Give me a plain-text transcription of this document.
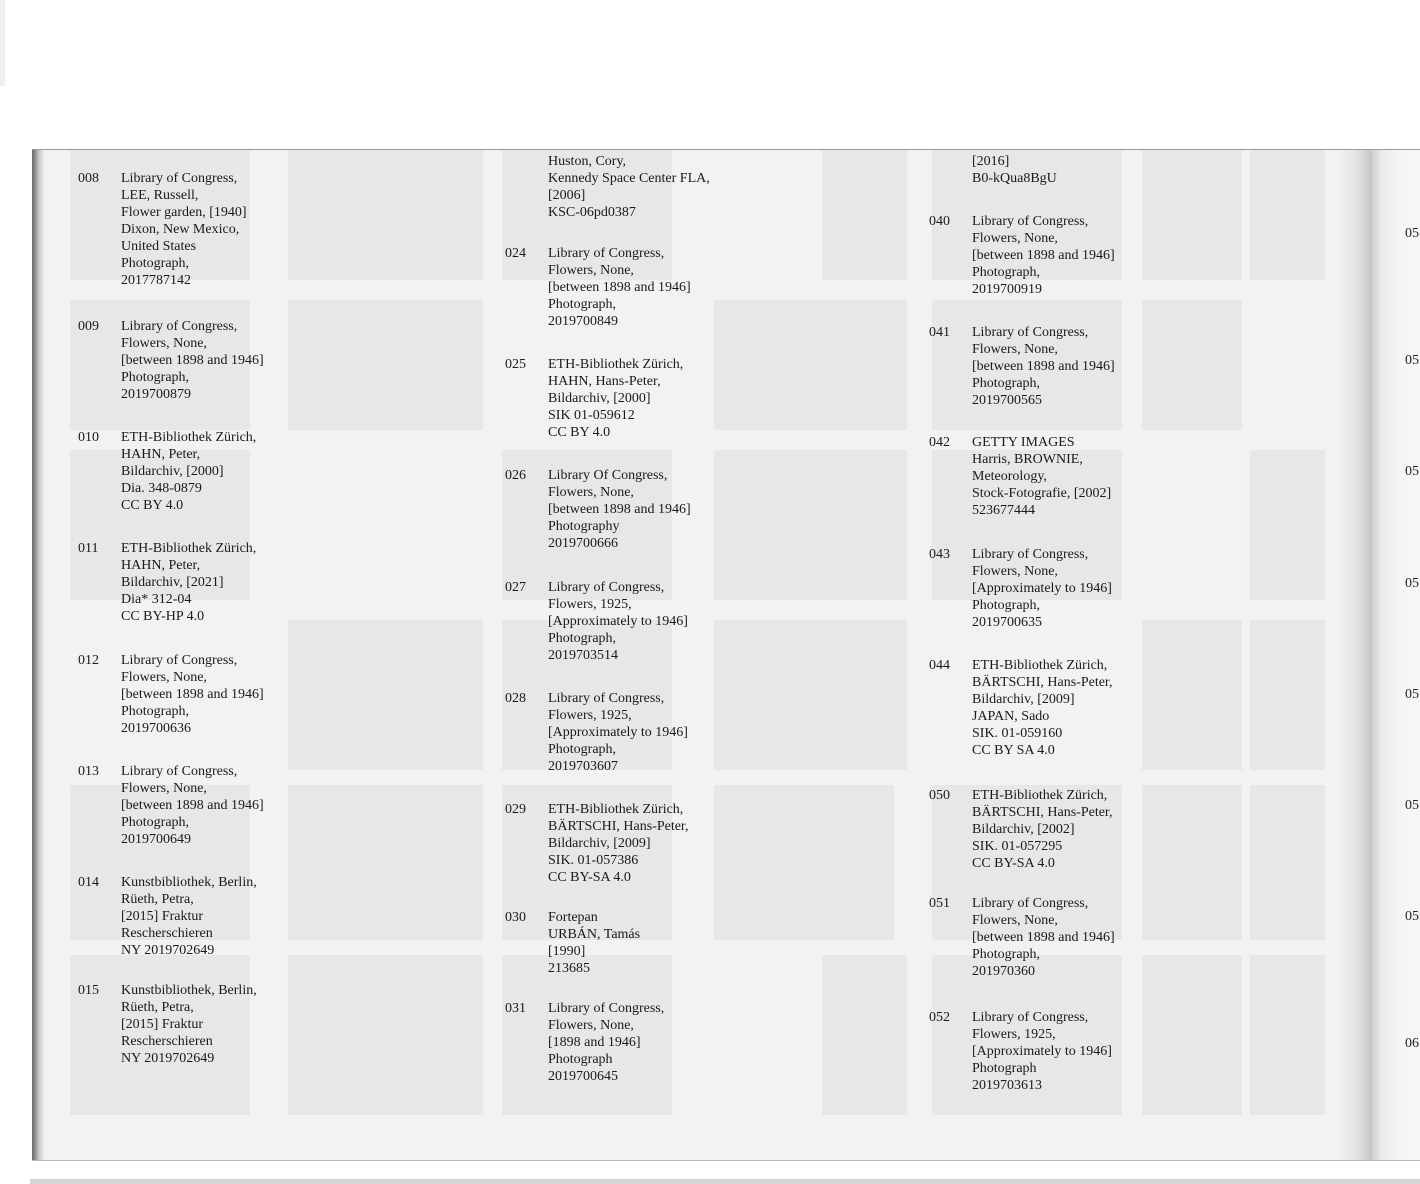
008 Library of Congress,
LEE, Russell,
Flower garden, [1940]
Dixon, New Mexico,
United States
Photograph,
2017787142
009 Library of Congress,
Flowers, None,
[between 1898 and 1946]
Photograph,
2019700879
010 ETH-Bibliothek Zürich,
HAHN, Peter,
Bildarchiv, [2000]
Dia. 348-0879
CC BY 4.0
011 ETH-Bibliothek Zürich,
HAHN, Peter,
Bildarchiv, [2021]
Dia* 312-04
CC BY-HP 4.0
012 Library of Congress,
Flowers, None,
[between 1898 and 1946]
Photograph,
2019700636
013 Library of Congress,
Flowers, None,
[between 1898 and 1946]
Photograph,
2019700649
014 Kunstbibliothek, Berlin,
Rüeth, Petra,
[2015] Fraktur
Rescherschieren
NY 2019702649
015 Kunstbibliothek, Berlin,
Rüeth, Petra,
[2015] Fraktur
Rescherschieren
NY 2019702649
Huston, Cory,
Kennedy Space Center FLA,
[2006]
KSC-06pd0387
024 Library of Congress,
Flowers, None,
[between 1898 and 1946]
Photograph,
2019700849
025 ETH-Bibliothek Zürich,
HAHN, Hans-Peter,
Bildarchiv, [2000]
SIK 01-059612
CC BY 4.0
026 Library Of Congress,
Flowers, None,
[between 1898 and 1946]
Photography
2019700666
027 Library of Congress,
Flowers, 1925,
[Approximately to 1946]
Photograph,
2019703514
028 Library of Congress,
Flowers, 1925,
[Approximately to 1946]
Photograph,
2019703607
029 ETH-Bibliothek Zürich,
BÄRTSCHI, Hans-Peter,
Bildarchiv, [2009]
SIK. 01-057386
CC BY-SA 4.0
030 Fortepan
URBÁN, Tamás
[1990]
213685
031 Library of Congress,
Flowers, None,
[1898 and 1946]
Photograph
2019700645
[2016]
B0-kQua8BgU
040 Library of Congress,
Flowers, None,
[between 1898 and 1946]
Photograph,
2019700919
041 Library of Congress,
Flowers, None,
[between 1898 and 1946]
Photograph,
2019700565
042 GETTY IMAGES
Harris, BROWNIE,
Meteorology,
Stock-Fotografie, [2002]
523677444
043 Library of Congress,
Flowers, None,
[Approximately to 1946]
Photograph,
2019700635
044 ETH-Bibliothek Zürich,
BÄRTSCHI, Hans-Peter,
Bildarchiv, [2009]
JAPAN, Sado
SIK. 01-059160
CC BY SA 4.0
050 ETH-Bibliothek Zürich,
BÄRTSCHI, Hans-Peter,
Bildarchiv, [2002]
SIK. 01-057295
CC BY-SA 4.0
051 Library of Congress,
Flowers, None,
[between 1898 and 1946]
Photograph,
201970360
052 Library of Congress,
Flowers, 1925,
[Approximately to 1946]
Photograph
2019703613
05
05
05
05
05
05
05
06
